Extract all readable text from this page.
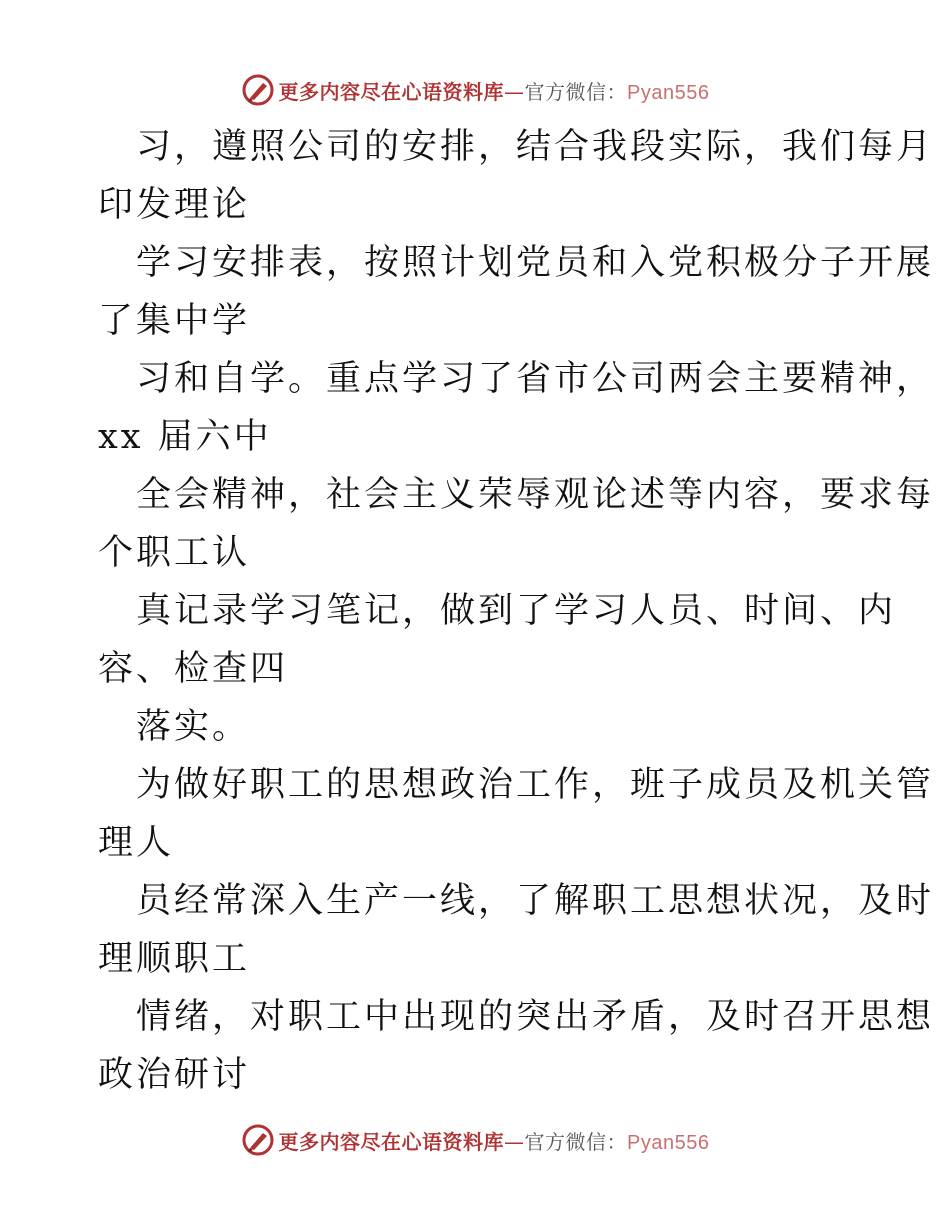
更多内容尽在心语资料库—官方微信：Pyan556
习，遵照公司的安排，结合我段实际，我们每月
印发理论
学习安排表，按照计划党员和入党积极分子开展
了集中学
习和自学。重点学习了省市公司两会主要精神，
xx 届六中
全会精神，社会主义荣辱观论述等内容，要求每
个职工认
真记录学习笔记，做到了学习人员、时间、内
容、检查四
落实。
为做好职工的思想政治工作，班子成员及机关管
理人
员经常深入生产一线，了解职工思想状况，及时
理顺职工
情绪，对职工中出现的突出矛盾，及时召开思想
政治研讨
更多内容尽在心语资料库—官方微信：Pyan556
